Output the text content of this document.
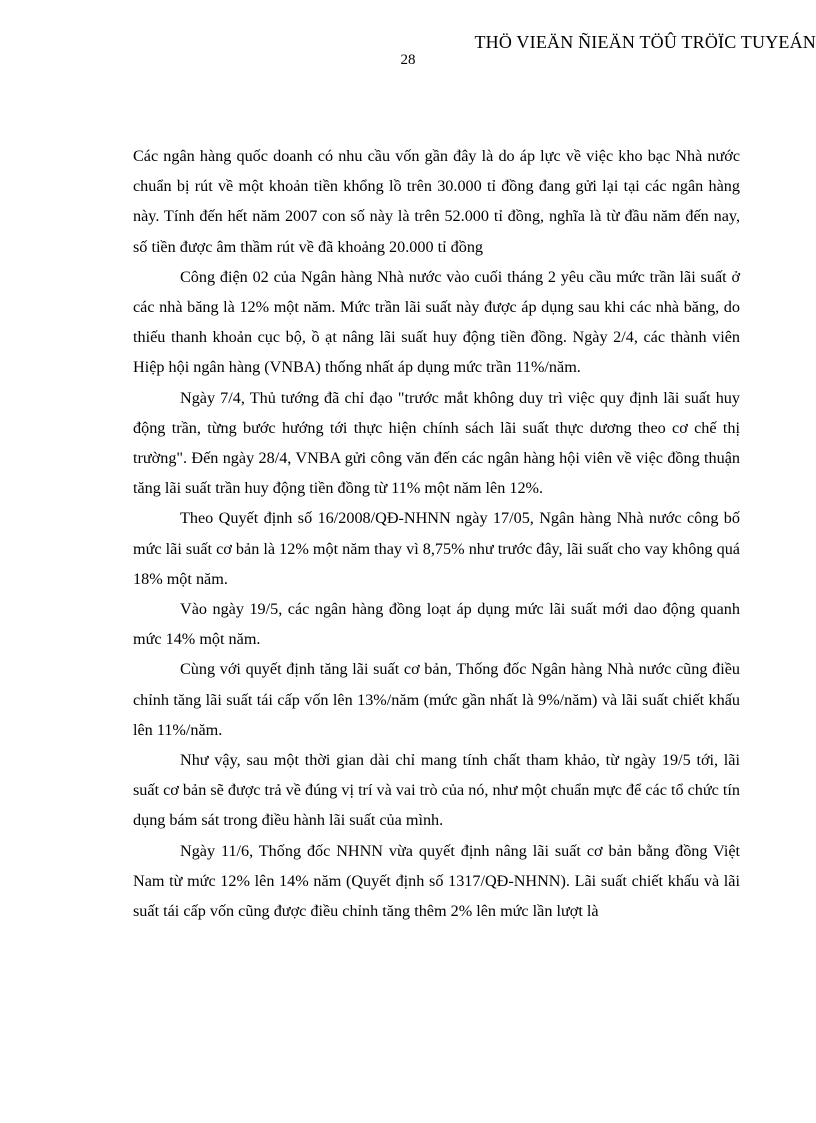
THÖ VIEÄN ÑIEÄN TÖÛ TRÖÏC TUYEÁN
28

Các ngân hàng quốc doanh có nhu cầu vốn gần đây là do áp lực về việc kho bạc Nhà nước chuẩn bị rút về một khoản tiền khổng lồ trên 30.000 tỉ đồng đang gửi lại tại các ngân hàng này. Tính đến hết năm 2007 con số này là trên 52.000 tỉ đồng, nghĩa là từ đầu năm đến nay, số tiền được âm thầm rút về đã khoảng 20.000 tỉ đồng

Công điện 02 của Ngân hàng Nhà nước vào cuối tháng 2 yêu cầu mức trần lãi suất ở các nhà băng là 12% một năm. Mức trần lãi suất này được áp dụng sau khi các nhà băng, do thiếu thanh khoản cục bộ, ồ ạt nâng lãi suất huy động tiền đồng. Ngày 2/4, các thành viên Hiệp hội ngân hàng (VNBA) thống nhất áp dụng mức trần 11%/năm.

Ngày 7/4, Thủ tướng đã chỉ đạo "trước mắt không duy trì việc quy định lãi suất huy động trần, từng bước hướng tới thực hiện chính sách lãi suất thực dương theo cơ chế thị trường". Đến ngày 28/4, VNBA gửi công văn đến các ngân hàng hội viên về việc đồng thuận tăng lãi suất trần huy động tiền đồng từ 11% một năm lên 12%.

Theo Quyết định số 16/2008/QĐ-NHNN ngày 17/05, Ngân hàng Nhà nước công bố mức lãi suất cơ bản là 12% một năm thay vì 8,75% như trước đây, lãi suất cho vay không quá 18% một năm.

Vào ngày 19/5, các ngân hàng đồng loạt áp dụng mức lãi suất mới dao động quanh mức 14% một năm.

Cùng với quyết định tăng lãi suất cơ bản, Thống đốc Ngân hàng Nhà nước cũng điều chỉnh tăng lãi suất tái cấp vốn lên 13%/năm (mức gần nhất là 9%/năm) và lãi suất chiết khấu lên 11%/năm.

Như vậy, sau một thời gian dài chỉ mang tính chất tham khảo, từ ngày 19/5 tới, lãi suất cơ bản sẽ được trả về đúng vị trí và vai trò của nó, như một chuẩn mực để các tổ chức tín dụng bám sát trong điều hành lãi suất của mình.

Ngày 11/6, Thống đốc NHNN vừa quyết định nâng lãi suất cơ bản bằng đồng Việt Nam từ mức 12% lên 14% năm (Quyết định số 1317/QĐ-NHNN). Lãi suất chiết khấu và lãi suất tái cấp vốn cũng được điều chỉnh tăng thêm 2% lên mức lần lượt là
